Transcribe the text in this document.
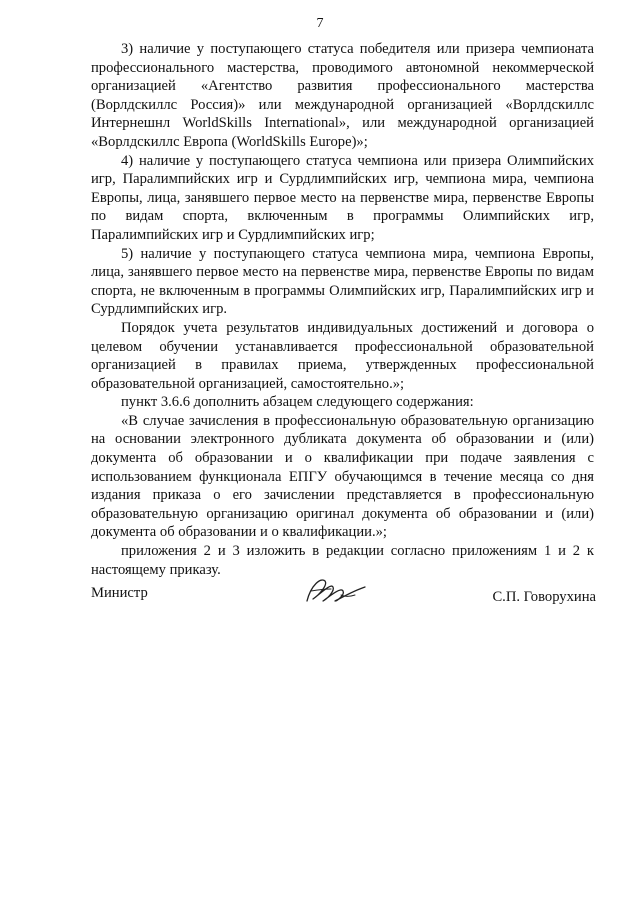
7

3) наличие у поступающего статуса победителя или призера чемпионата профессионального мастерства, проводимого автономной некоммерческой организацией «Агентство развития профессионального мастерства (Ворлдскиллс Россия)» или международной организацией «Ворлдскиллс Интернешнл WorldSkills International», или международной организацией «Ворлдскиллс Европа (WorldSkills Europe)»;

4) наличие у поступающего статуса чемпиона или призера Олимпийских игр, Паралимпийских игр и Сурдлимпийских игр, чемпиона мира, чемпиона Европы, лица, занявшего первое место на первенстве мира, первенстве Европы по видам спорта, включенным в программы Олимпийских игр, Паралимпийских игр и Сурдлимпийских игр;

5) наличие у поступающего статуса чемпиона мира, чемпиона Европы, лица, занявшего первое место на первенстве мира, первенстве Европы по видам спорта, не включенным в программы Олимпийских игр, Паралимпийских игр и Сурдлимпийских игр.

Порядок учета результатов индивидуальных достижений и договора о целевом обучении устанавливается профессиональной образовательной организацией в правилах приема, утвержденных профессиональной образовательной организацией, самостоятельно.»;

пункт 3.6.6 дополнить абзацем следующего содержания:

«В случае зачисления в профессиональную образовательную организацию на основании электронного дубликата документа об образовании и (или) документа об образовании и о квалификации при подаче заявления с использованием функционала ЕПГУ обучающимся в течение месяца со дня издания приказа о его зачислении представляется в профессиональную образовательную организацию оригинал документа об образовании и (или) документа об образовании и о квалификации.»;

приложения 2 и 3 изложить в редакции согласно приложениям 1 и 2 к настоящему приказу.

Министр	С.П. Говорухина
